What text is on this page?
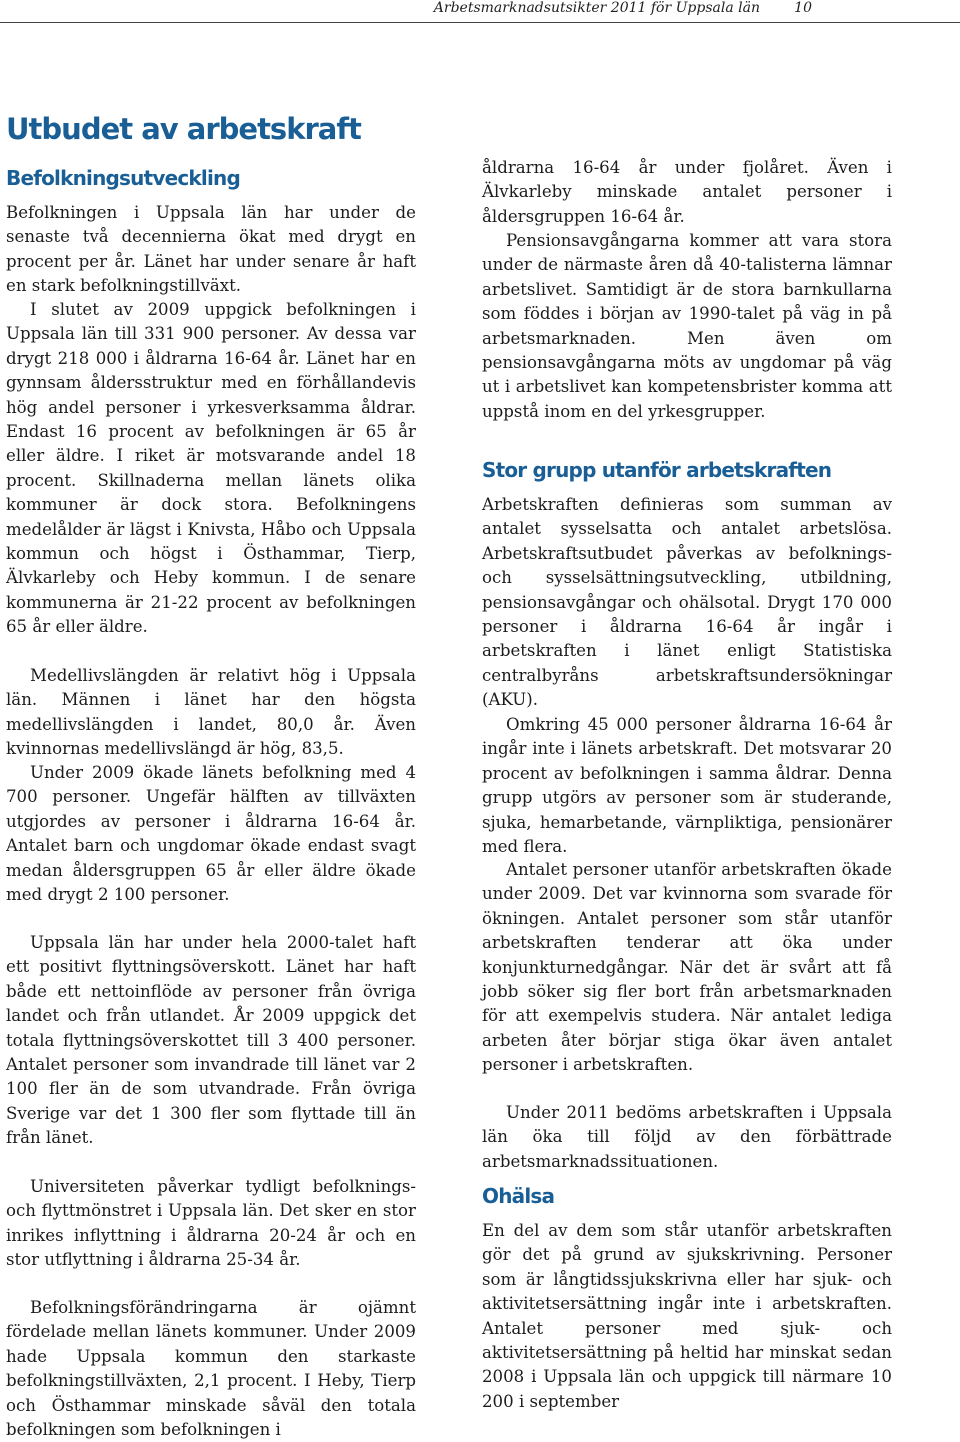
Arbetsmarknadsutsikter 2011 för Uppsala län 10
Utbudet av arbetskraft
Befolkningsutveckling

Befolkningen i Uppsala län har under de senaste två decennierna ökat med drygt en procent per år. Länet har under senare år haft en stark befolkningstillväxt.

I slutet av 2009 uppgick befolkningen i Uppsala län till 331 900 personer. Av dessa var drygt 218 000 i åldrarna 16-64 år. Länet har en gynnsam åldersstruktur med en förhållandevis hög andel personer i yrkesverksamma åldrar. Endast 16 procent av befolkningen är 65 år eller äldre. I riket är motsvarande andel 18 procent. Skillnaderna mellan länets olika kommuner är dock stora. Befolkningens medelålder är lägst i Knivsta, Håbo och Uppsala kommun och högst i Östhammar, Tierp, Älvkarleby och Heby kommun. I de senare kommunerna är 21-22 procent av befolkningen 65 år eller äldre.

Medellivslängden är relativt hög i Uppsala län. Männen i länet har den högsta medellivslängden i landet, 80,0 år. Även kvinnornas medellivslängd är hög, 83,5.

Under 2009 ökade länets befolkning med 4 700 personer. Ungefär hälften av tillväxten utgjordes av personer i åldrarna 16-64 år. Antalet barn och ungdomar ökade endast svagt medan åldersgruppen 65 år eller äldre ökade med drygt 2 100 personer.

Uppsala län har under hela 2000-talet haft ett positivt flyttningsöverskott. Länet har haft både ett nettoinflöde av personer från övriga landet och från utlandet. År 2009 uppgick det totala flyttningsöverskottet till 3 400 personer. Antalet personer som invandrade till länet var 2 100 fler än de som utvandrade. Från övriga Sverige var det 1 300 fler som flyttade till än från länet.

Universiteten påverkar tydligt befolknings- och flyttmönstret i Uppsala län. Det sker en stor inrikes inflyttning i åldrarna 20-24 år och en stor utflyttning i åldrarna 25-34 år.

Befolkningsförändringarna är ojämnt fördelade mellan länets kommuner. Under 2009 hade Uppsala kommun den starkaste befolkningstillväxten, 2,1 procent. I Heby, Tierp och Östhammar minskade såväl den totala befolkningen som befolkningen i

åldrarna 16-64 år under fjolåret. Även i Älvkarleby minskade antalet personer i åldersgruppen 16-64 år.

Pensionsavgångarna kommer att vara stora under de närmaste åren då 40-talisterna lämnar arbetslivet. Samtidigt är de stora barnkullarna som föddes i början av 1990-talet på väg in på arbetsmarknaden. Men även om pensionsavgångarna möts av ungdomar på väg ut i arbetslivet kan kompetensbrister komma att uppstå inom en del yrkesgrupper.

Stor grupp utanför arbetskraften

Arbetskraften definieras som summan av antalet sysselsatta och antalet arbetslösa. Arbetskraftsutbudet påverkas av befolknings- och sysselsättningsutveckling, utbildning, pensionsavgångar och ohälsotal. Drygt 170 000 personer i åldrarna 16-64 år ingår i arbetskraften i länet enligt Statistiska centralbyråns arbetskraftsundersökningar (AKU).

Omkring 45 000 personer åldrarna 16-64 år ingår inte i länets arbetskraft. Det motsvarar 20 procent av befolkningen i samma åldrar. Denna grupp utgörs av personer som är studerande, sjuka, hemarbetande, värnpliktiga, pensionärer med flera.

Antalet personer utanför arbetskraften ökade under 2009. Det var kvinnorna som svarade för ökningen. Antalet personer som står utanför arbetskraften tenderar att öka under konjunkturnedgångar. När det är svårt att få jobb söker sig fler bort från arbetsmarknaden för att exempelvis studera. När antalet lediga arbeten åter börjar stiga ökar även antalet personer i arbetskraften.

Under 2011 bedöms arbetskraften i Uppsala län öka till följd av den förbättrade arbetsmarknadssituationen.

Ohälsa

En del av dem som står utanför arbetskraften gör det på grund av sjukskrivning. Personer som är långtidssjukskrivna eller har sjuk- och aktivitetsersättning ingår inte i arbetskraften. Antalet personer med sjuk- och aktivitetsersättning på heltid har minskat sedan 2008 i Uppsala län och uppgick till närmare 10 200 i september
